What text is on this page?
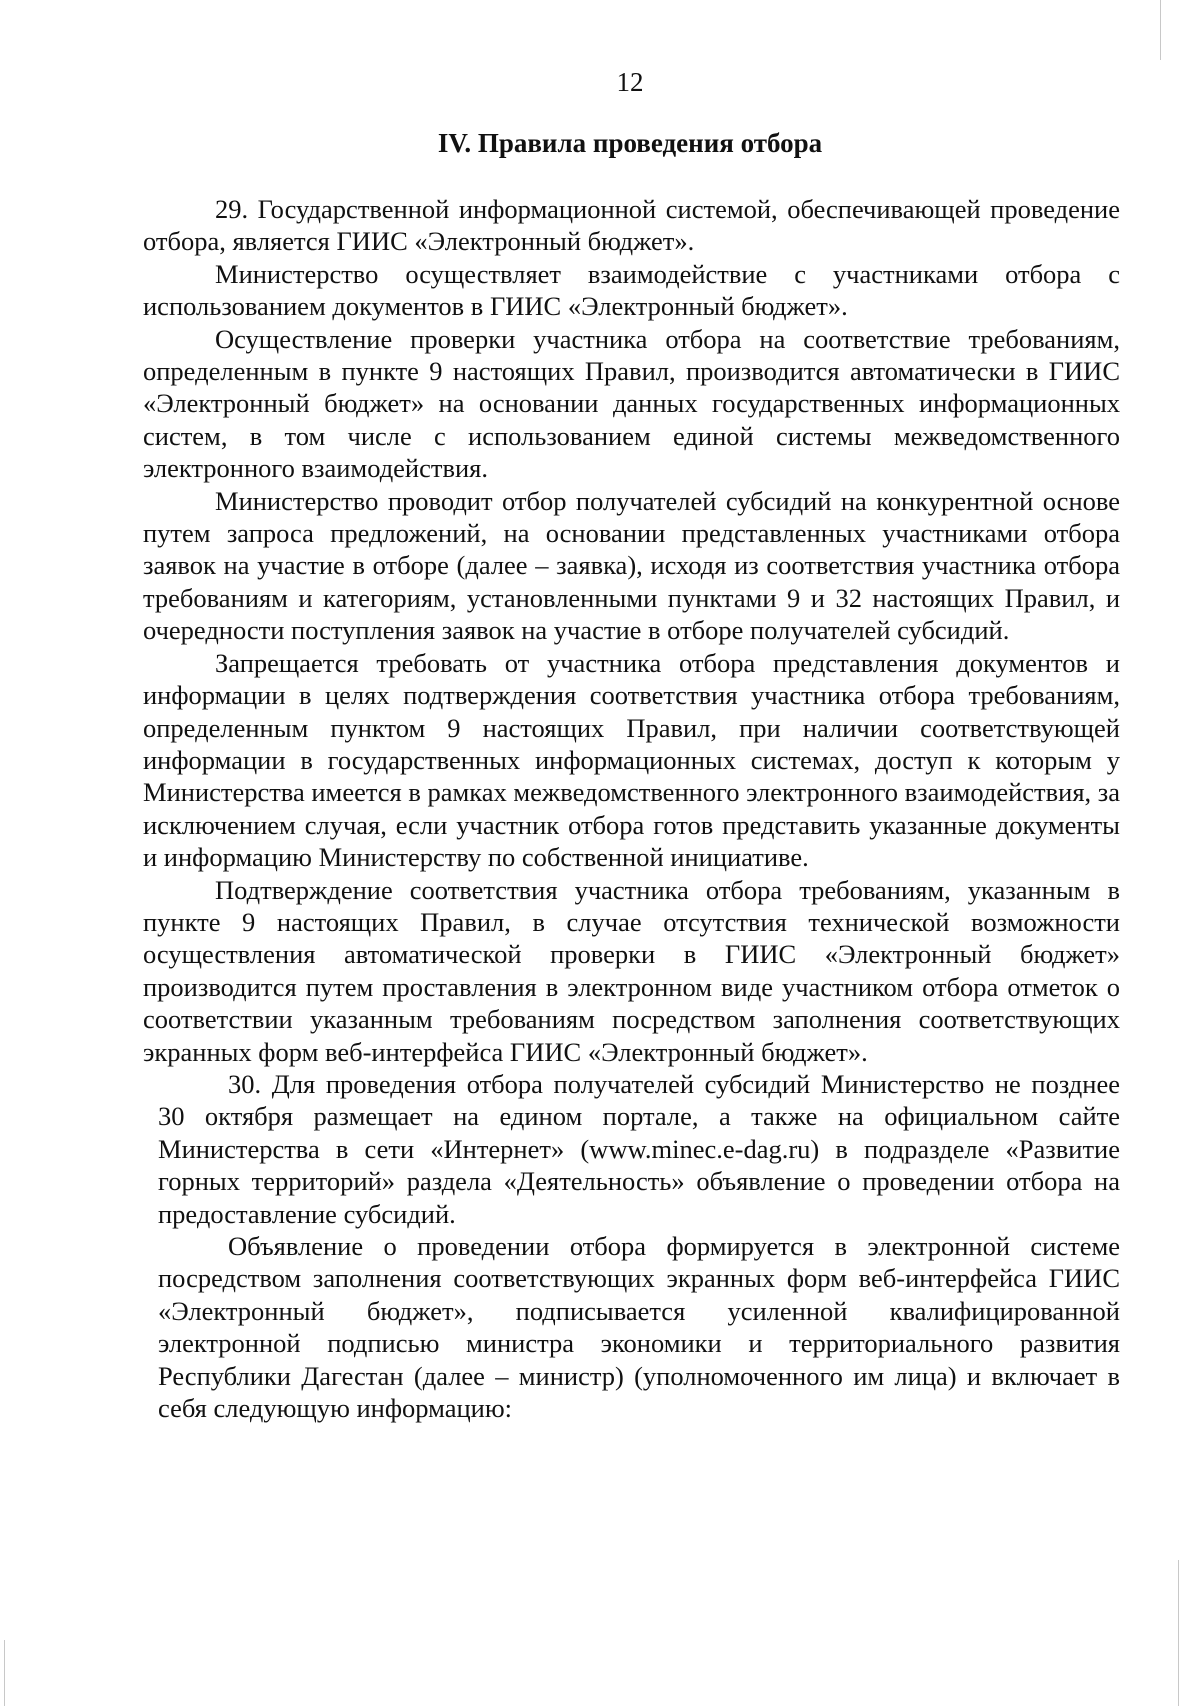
12
IV. Правила проведения отбора

29. Государственной информационной системой, обеспечивающей проведение отбора, является ГИИС «Электронный бюджет».

Министерство осуществляет взаимодействие с участниками отбора с использованием документов в ГИИС «Электронный бюджет».

Осуществление проверки участника отбора на соответствие требованиям, определенным в пункте 9 настоящих Правил, производится автоматически в ГИИС «Электронный бюджет» на основании данных государственных информационных систем, в том числе с использованием единой системы межведомственного электронного взаимодействия.

Министерство проводит отбор получателей субсидий на конкурентной основе путем запроса предложений, на основании представленных участниками отбора заявок на участие в отборе (далее – заявка), исходя из соответствия участника отбора требованиям и категориям, установленными пунктами 9 и 32 настоящих Правил, и очередности поступления заявок на участие в отборе получателей субсидий.

Запрещается требовать от участника отбора представления документов и информации в целях подтверждения соответствия участника отбора требованиям, определенным пунктом 9 настоящих Правил, при наличии соответствующей информации в государственных информационных системах, доступ к которым у Министерства имеется в рамках межведомственного электронного взаимодействия, за исключением случая, если участник отбора готов представить указанные документы и информацию Министерству по собственной инициативе.

Подтверждение соответствия участника отбора требованиям, указанным в пункте 9 настоящих Правил, в случае отсутствия технической возможности осуществления автоматической проверки в ГИИС «Электронный бюджет» производится путем проставления в электронном виде участником отбора отметок о соответствии указанным требованиям посредством заполнения соответствующих экранных форм веб-интерфейса ГИИС «Электронный бюджет».

30. Для проведения отбора получателей субсидий Министерство не позднее 30 октября размещает на едином портале, а также на официальном сайте Министерства в сети «Интернет» (www.minec.e-dag.ru) в подразделе «Развитие горных территорий» раздела «Деятельность» объявление о проведении отбора на предоставление субсидий.

Объявление о проведении отбора формируется в электронной системе посредством заполнения соответствующих экранных форм веб-интерфейса ГИИС «Электронный бюджет», подписывается усиленной квалифицированной электронной подписью министра экономики и территориального развития Республики Дагестан (далее – министр) (уполномоченного им лица) и включает в себя следующую информацию:
